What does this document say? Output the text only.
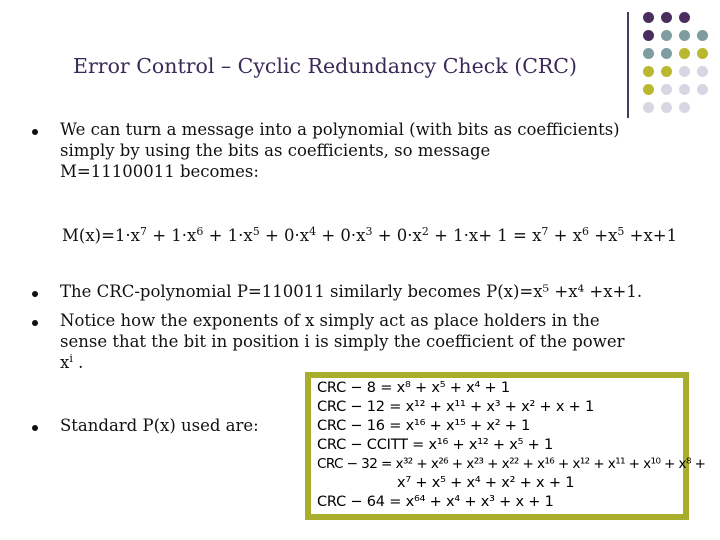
Error Control – Cyclic Redundancy Check (CRC)
We can turn a message into a polynomial (with bits as coefficients)
simply by using the bits as coefficients, so message
M=11100011 becomes:
$M(x)=1\cdot x^7 + 1\cdot x^6 + 1\cdot x^5 + 0\cdot x^4 + 0\cdot x^3 + 0\cdot x^2 + 1\cdot x+ 1 = x^7 + x^6 +x^5 +x+1$
The CRC-polynomial P=110011 similarly becomes P(x)=x⁵ +x⁴ +x+1.
Notice how the exponents of x simply act as place holders in the
sense that the bit in position i is simply the coefficient of the power
$x^i$ .
Standard P(x) used are:
CRC − 8 = x⁸ + x⁵ + x⁴ + 1
CRC − 12 = x¹² + x¹¹ + x³ + x² + x + 1
CRC − 16 = x¹⁶ + x¹⁵ + x² + 1
CRC − CCITT = x¹⁶ + x¹² + x⁵ + 1
CRC − 32 = x³² + x²⁶ + x²³ + x²² + x¹⁶ + x¹² + x¹¹ + x¹⁰ + x⁸ +
x⁷ + x⁵ + x⁴ + x² + x + 1
CRC − 64 = x⁶⁴ + x⁴ + x³ + x + 1
